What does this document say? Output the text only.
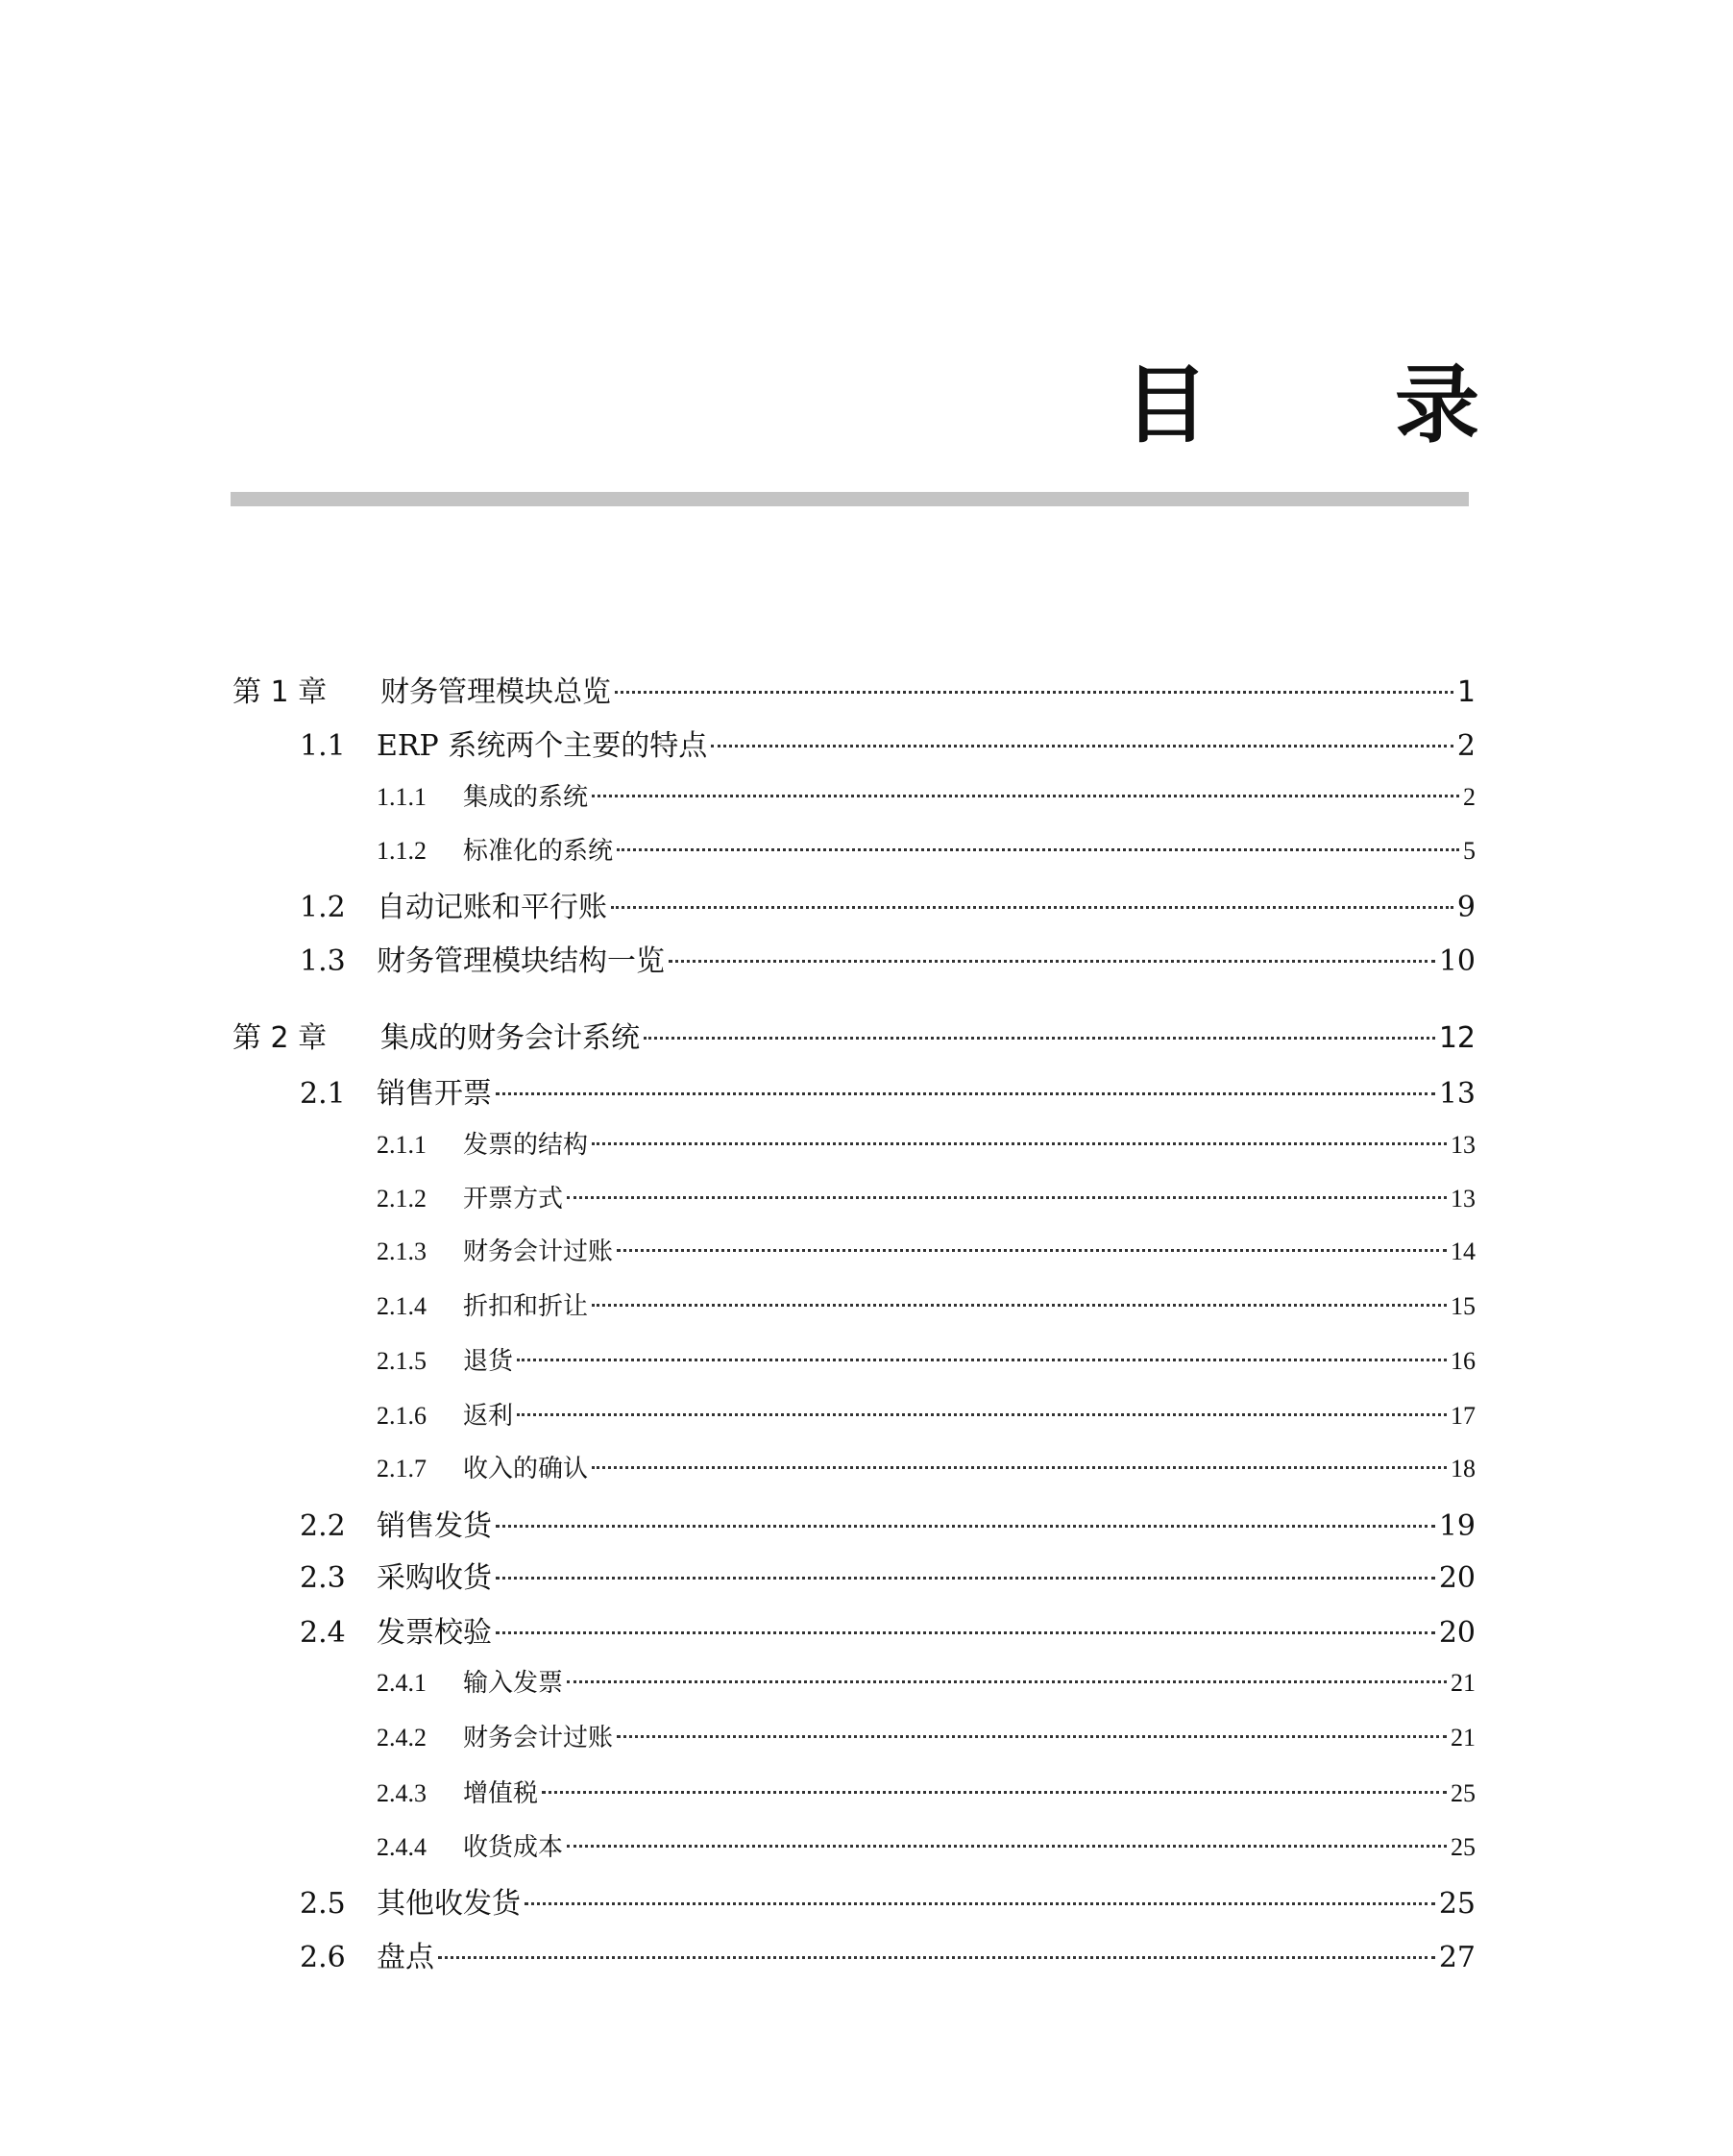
目 录
第 1 章	财务管理模块总览	1
1.1	ERP 系统两个主要的特点	2
1.1.1	集成的系统	2
1.1.2	标准化的系统	5
1.2	自动记账和平行账	9
1.3	财务管理模块结构一览	10
第 2 章	集成的财务会计系统	12
2.1	销售开票	13
2.1.1	发票的结构	13
2.1.2	开票方式	13
2.1.3	财务会计过账	14
2.1.4	折扣和折让	15
2.1.5	退货	16
2.1.6	返利	17
2.1.7	收入的确认	18
2.2	销售发货	19
2.3	采购收货	20
2.4	发票校验	20
2.4.1	输入发票	21
2.4.2	财务会计过账	21
2.4.3	增值税	25
2.4.4	收货成本	25
2.5	其他收发货	25
2.6	盘点	27
